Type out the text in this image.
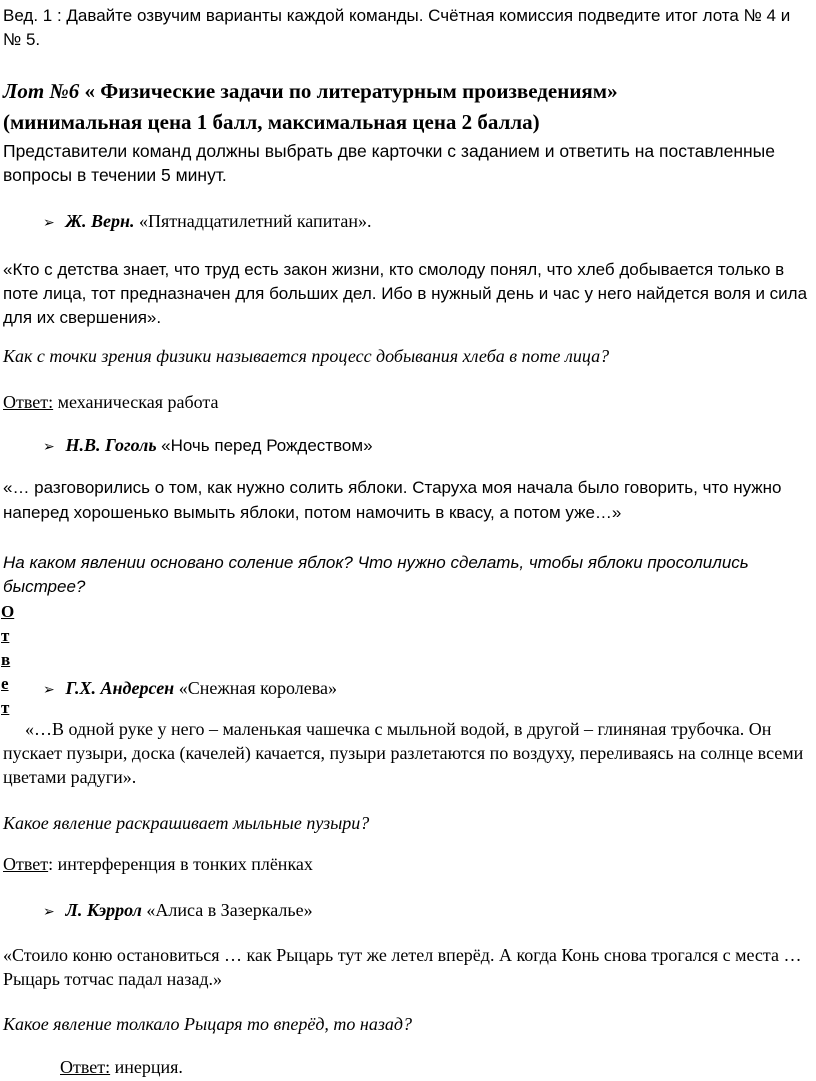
Вед. 1 : Давайте озвучим варианты каждой команды. Счётная комиссия подведите итог лота № 4 и № 5.

Лот №6 « Физические задачи по литературным произведениям»
(минимальная цена 1 балл, максимальная цена 2 балла)

Представители команд должны выбрать две карточки с заданием и ответить на поставленные вопросы в течении 5 минут.

➢ Ж. Верн. «Пятнадцатилетний капитан».

«Кто с детства знает, что труд есть закон жизни, кто смолоду понял, что хлеб добывается только в поте лица, тот предназначен для больших дел. Ибо в нужный день и час у него найдется воля и сила для их свершения».

Как с точки зрения физики называется процесс добывания хлеба в поте лица?

Ответ: механическая работа

➢ Н.В. Гоголь «Ночь перед Рождеством»

«… разговорились о том, как нужно солить яблоки. Старуха моя начала было говорить, что нужно наперед хорошенько вымыть яблоки, потом намочить в квасу, а потом уже…»

На каком явлении основано соление яблок? Что нужно сделать, чтобы яблоки просолились быстрее?

О
т
в
е
т
➢ Г.Х. Андерсен «Снежная королева»

«…В одной руке у него – маленькая чашечка с мыльной водой, в другой – глиняная трубочка. Он пускает пузыри, доска (качелей) качается, пузыри разлетаются по воздуху, переливаясь на солнце всеми цветами радуги».

Какое явление раскрашивает мыльные пузыри?

Ответ: интерференция в тонких плёнках

➢ Л. Кэррол «Алиса в Зазеркалье»

«Стоило коню остановиться … как Рыцарь тут же летел вперёд. А когда Конь снова трогался с места … Рыцарь тотчас падал назад.»

Какое явление толкало Рыцаря то вперёд, то назад?

Ответ: инерция.
